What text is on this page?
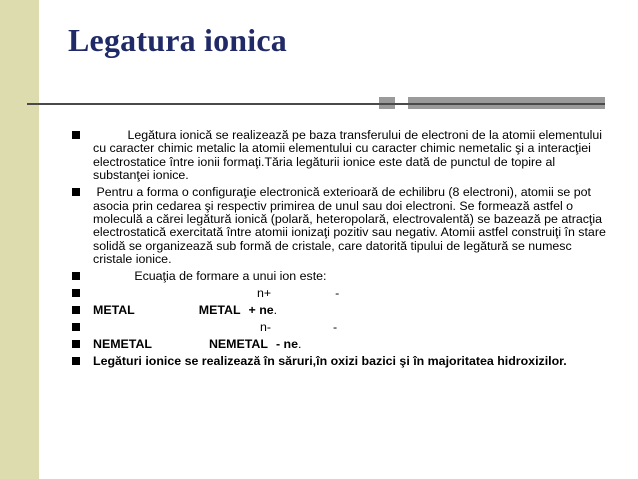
Legatura ionica
Legătura ionică se realizează pe baza transferului de electroni de la atomii elementului cu caracter chimic metalic la atomii elementului cu caracter chimic nemetalic şi a interacţiei electrostatice între ionii formaţi.Tăria legăturii ionice este dată de punctul de topire al substanţei ionice.
Pentru a forma o configuraţie electronică exterioară de echilibru (8 electroni), atomii se pot asocia prin cedarea şi respectiv primirea de unul sau doi electroni. Se formează astfel o moleculă a cărei legătură ionică (polară, heteropolară, electrovalentă) se bazează pe atracţia electrostatică exercitată între atomii ionizaţi pozitiv sau negativ. Atomii astfel construiţi în stare solidă se organizează sub formă de cristale, care datorită tipului de legătură se numesc cristale ionice.
Ecuaţia de formare a unui ion este:
n+	-
METAL	METAL + ne.
n-	-
NEMETAL	NEMETAL - ne.
Legături ionice se realizează în săruri,în oxizi bazici şi în majoritatea hidroxizilor.
